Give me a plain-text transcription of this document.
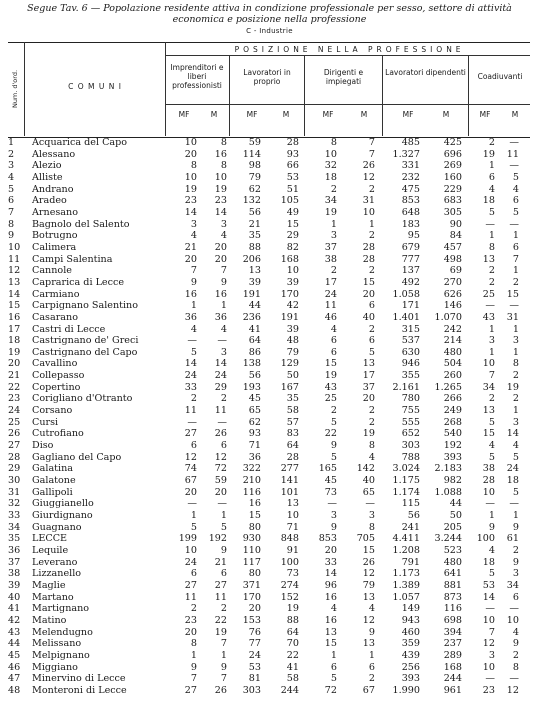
Segue Tav. 6 — Popolazione residente attiva in condizione professionale per sesso, settore di attività economica e posizione nella professione
C - Industrie
Num. d'ord.	C O M U N I
P O S I Z I O N E   N E L L A   P R O F E S S I O N E
Imprenditori e liberi professionisti
Lavoratori in proprio
Dirigenti e impiegati
Lavoratori dipendenti	Coadiuvanti
MF	M	MF	M	MF	M	MF	M	MF	M
1	Acquarica del Capo	10	8	59	28	8	7	485	425	2	—
2	Alessano	20	16	114	93	10	7	1.327	696	19	11
3	Alezio	8	8	98	66	32	26	331	269	1	—
4	Alliste	10	10	79	53	18	12	232	160	6	5
5	Andrano	19	19	62	51	2	2	475	229	4	4
6	Aradeo	23	23	132	105	34	31	853	683	18	6
7	Arnesano	14	14	56	49	19	10	648	305	5	5
8	Bagnolo del Salento	3	3	21	15	1	1	183	90	—	—
9	Botrugno	4	4	35	29	3	2	95	84	1	1
10	Calimera	21	20	88	82	37	28	679	457	8	6
11	Campi Salentina	20	20	206	168	38	28	777	498	13	7
12	Cannole	7	7	13	10	2	2	137	69	2	1
13	Caprarica di Lecce	9	9	39	39	17	15	492	270	2	2
14	Carmiano	16	16	191	170	24	20	1.058	626	25	15
15	Carpignano Salentino	1	1	44	42	11	6	171	146	—	—
16	Casarano	36	36	236	191	46	40	1.401	1.070	43	31
17	Castri di Lecce	4	4	41	39	4	2	315	242	1	1
18	Castrignano de' Greci	—	—	64	48	6	6	537	214	3	3
19	Castrignano del Capo	5	3	86	79	6	5	630	480	1	1
20	Cavallino	14	14	138	129	15	13	946	504	10	8
21	Collepasso	24	24	56	50	19	17	355	260	7	2
22	Copertino	33	29	193	167	43	37	2.161	1.265	34	19
23	Corigliano d'Otranto	2	2	45	35	25	20	780	266	2	2
24	Corsano	11	11	65	58	2	2	755	249	13	1
25	Cursi	—	—	62	57	5	2	555	268	5	3
26	Cutrofiano	27	26	93	83	22	19	652	540	15	14
27	Diso	6	6	71	64	9	8	303	192	4	4
28	Gagliano del Capo	12	12	36	28	5	4	788	393	5	5
29	Galatina	74	72	322	277	165	142	3.024	2.183	38	24
30	Galatone	67	59	210	141	45	40	1.175	982	28	18
31	Gallipoli	20	20	116	101	73	65	1.174	1.088	10	5
32	Giuggianello	—	—	16	13	—	—	115	44	—	—
33	Giurdignano	1	1	15	10	3	3	56	50	1	1
34	Guagnano	5	5	80	71	9	8	241	205	9	9
35	LECCE	199	192	930	848	853	705	4.411	3.244	100	61
36	Lequile	10	9	110	91	20	15	1.208	523	4	2
37	Leverano	24	21	117	100	33	26	791	480	18	9
38	Lizzanello	6	6	80	73	14	12	1.173	641	5	3
39	Maglie	27	27	371	274	96	79	1.389	881	53	34
40	Martano	11	11	170	152	16	13	1.057	873	14	6
41	Martignano	2	2	20	19	4	4	149	116	—	—
42	Matino	23	22	153	88	16	12	943	698	10	10
43	Melendugno	20	19	76	64	13	9	460	394	7	4
44	Melissano	8	7	77	70	15	13	359	237	12	9
45	Melpignano	1	1	24	22	1	1	439	289	3	2
46	Miggiano	9	9	53	41	6	6	256	168	10	8
47	Minervino di Lecce	7	7	81	58	5	2	393	244	—	—
48	Monteroni di Lecce	27	26	303	244	72	67	1.990	961	23	12
